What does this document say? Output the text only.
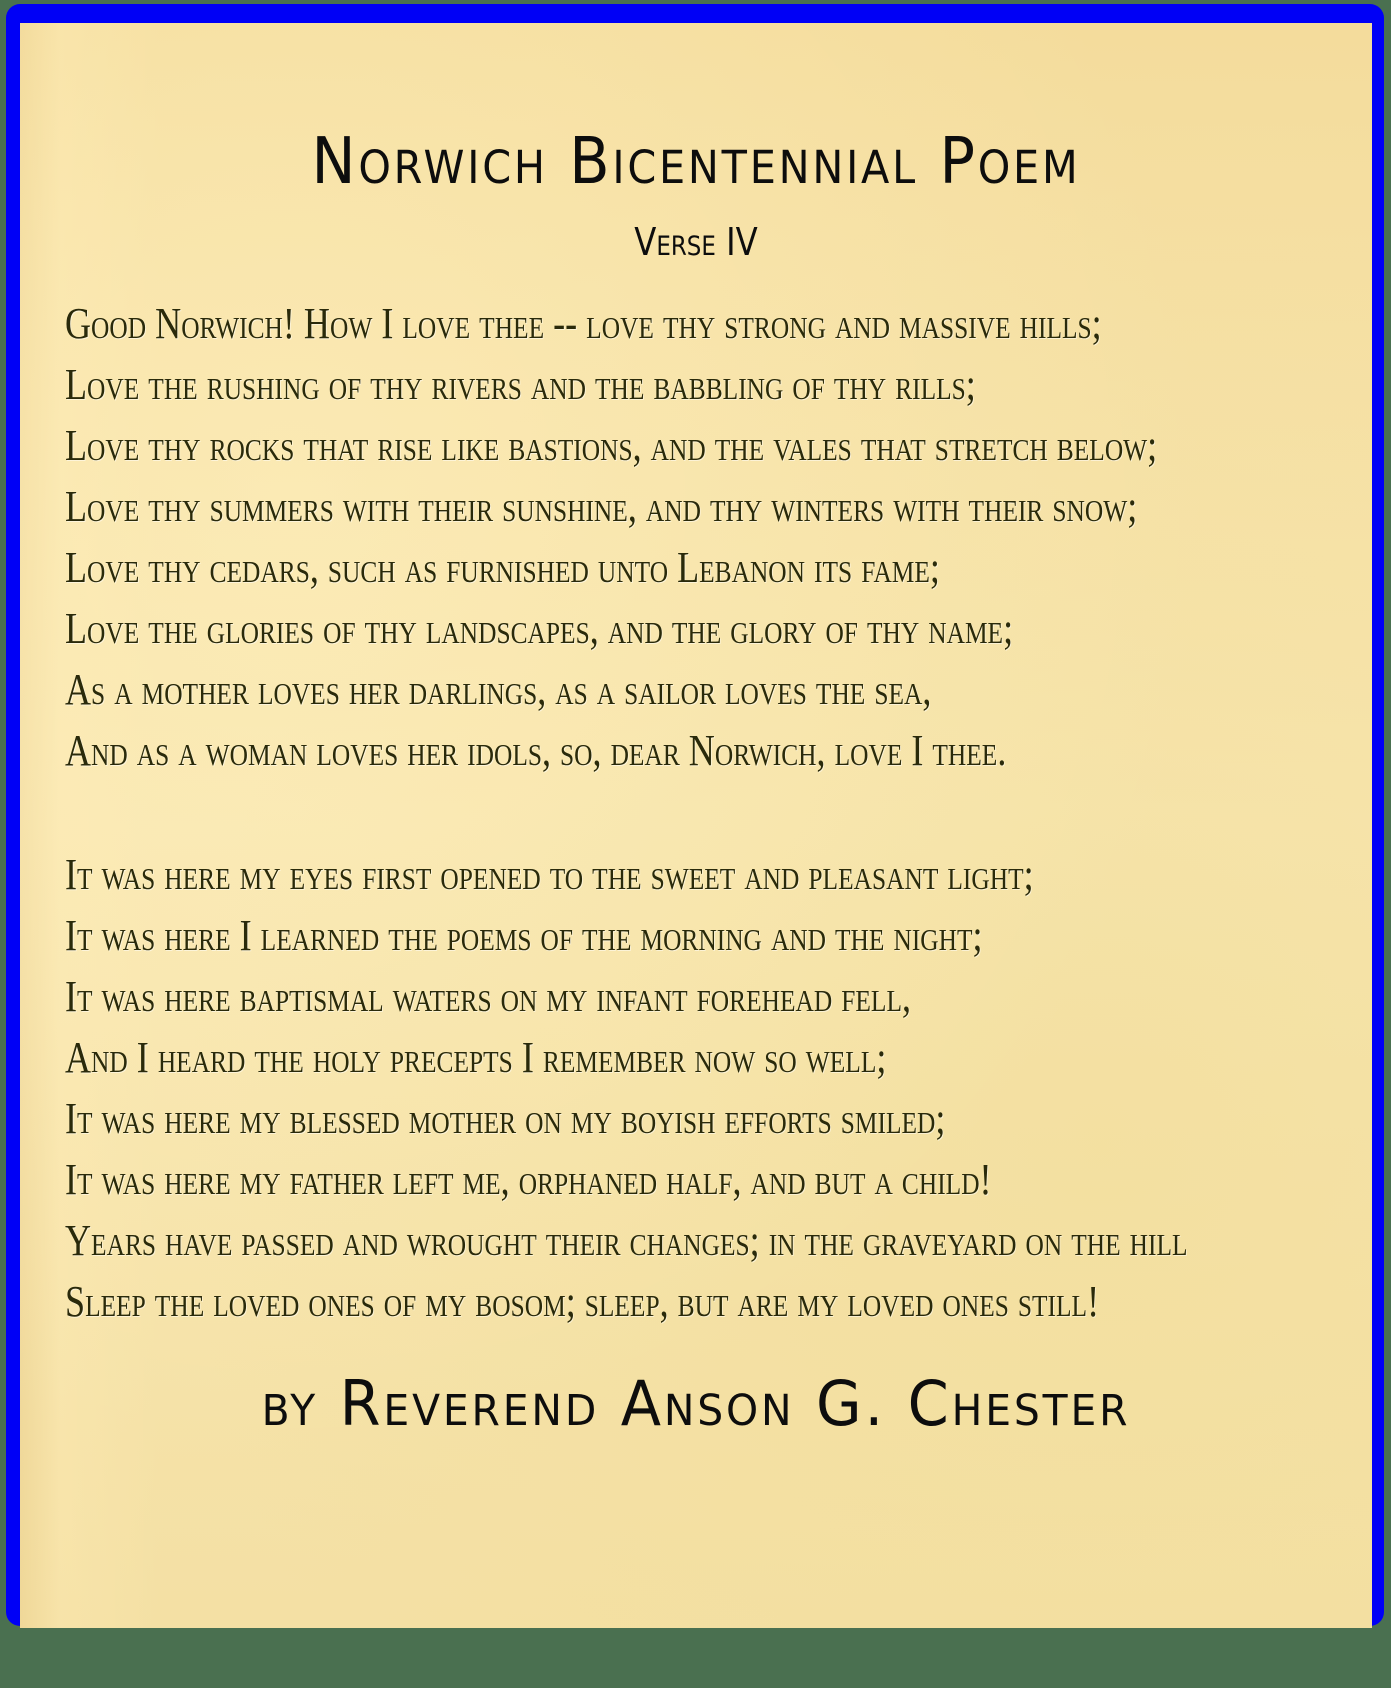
Norwich Bicentennial Poem
Verse IV
Good Norwich! How I love thee -- love thy strong and massive hills;
Love the rushing of thy rivers and the babbling of thy rills;
Love thy rocks that rise like bastions, and the vales that stretch below;
Love thy summers with their sunshine, and thy winters with their snow;
Love thy cedars, such as furnished unto Lebanon its fame;
Love the glories of thy landscapes, and the glory of thy name;
As a mother loves her darlings, as a sailor loves the sea,
And as a woman loves her idols, so, dear Norwich, love I thee.
It was here my eyes first opened to the sweet and pleasant light;
It was here I learned the poems of the morning and the night;
It was here baptismal waters on my infant forehead fell,
And I heard the holy precepts I remember now so well;
It was here my blessed mother on my boyish efforts smiled;
It was here my father left me, orphaned half, and but a child!
Years have passed and wrought their changes; in the graveyard on the hill
Sleep the loved ones of my bosom; sleep, but are my loved ones still!
by Reverend Anson G. Chester
